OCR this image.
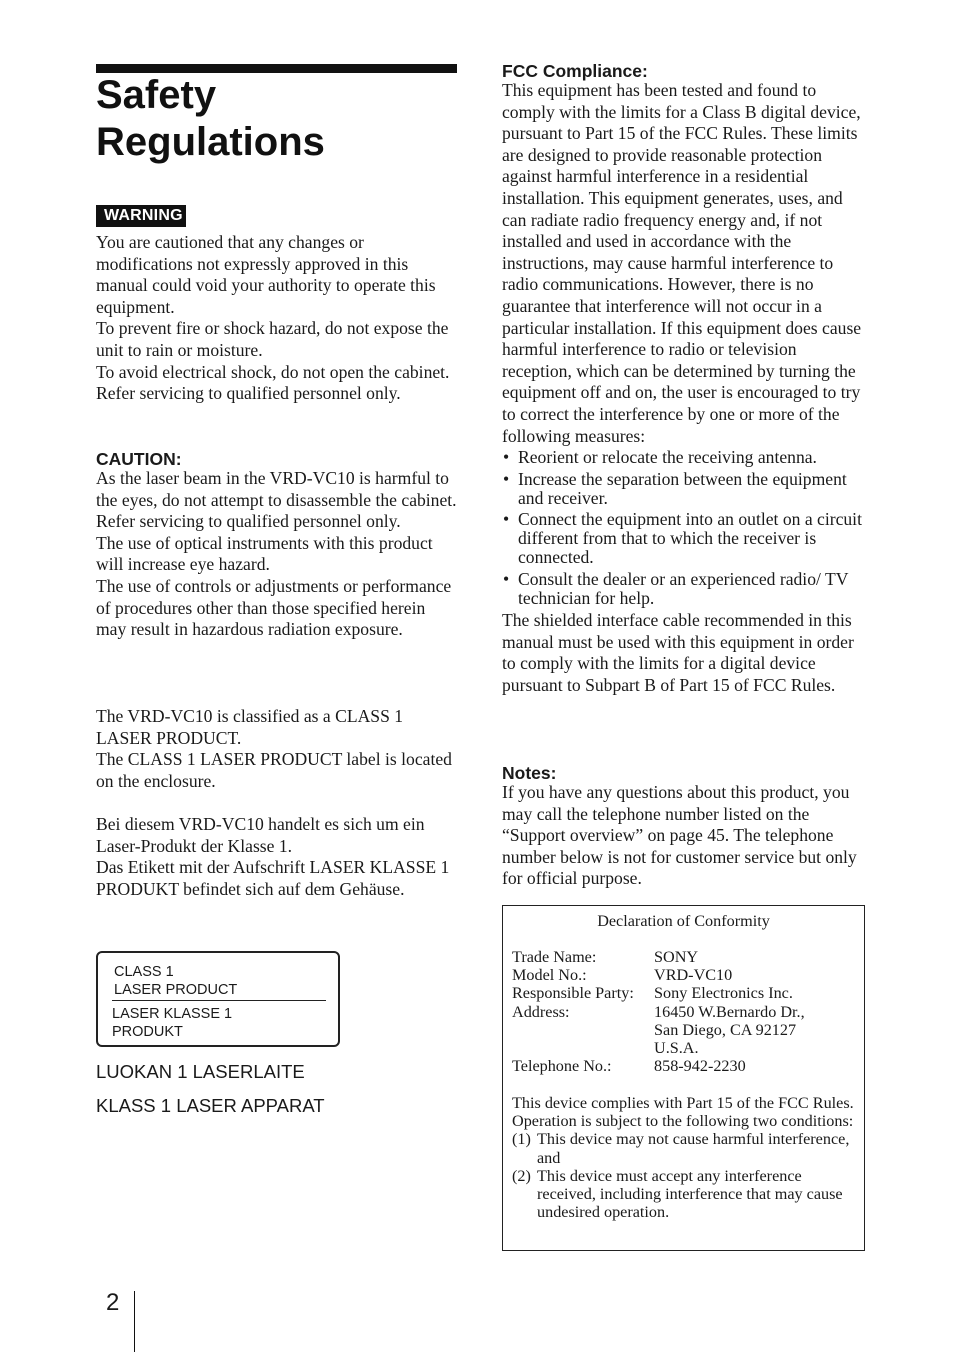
Safety
Regulations
WARNING

You are cautioned that any changes or modifications not expressly approved in this manual could void your authority to operate this equipment.

To prevent fire or shock hazard, do not expose the unit to rain or moisture.

To avoid electrical shock, do not open the cabinet. Refer servicing to qualified personnel only.

CAUTION:

As the laser beam in the VRD-VC10 is harmful to the eyes, do not attempt to disassemble the cabinet. Refer servicing to qualified personnel only.

The use of optical instruments with this product will increase eye hazard.

The use of controls or adjustments or performance of procedures other than those specified herein may result in hazardous radiation exposure.

The VRD-VC10 is classified as a CLASS 1 LASER PRODUCT.

The CLASS 1 LASER PRODUCT label is located on the enclosure.

Bei diesem VRD-VC10 handelt es sich um ein Laser-Produkt der Klasse 1.

Das Etikett mit der Aufschrift LASER KLASSE 1 PRODUKT befindet sich auf dem Gehäuse.

CLASS 1
LASER PRODUCT
LASER KLASSE 1
PRODUKT
LUOKAN 1 LASERLAITE
KLASS 1 LASER APPARAT
FCC Compliance:

This equipment has been tested and found to comply with the limits for a Class B digital device, pursuant to Part 15 of the FCC Rules. These limits are designed to provide reasonable protection against harmful interference in a residential installation. This equipment generates, uses, and can radiate radio frequency energy and, if not installed and used in accordance with the instructions, may cause harmful interference to radio communications. However, there is no guarantee that interference will not occur in a particular installation. If this equipment does cause harmful interference to radio or television reception, which can be determined by turning the equipment off and on, the user is encouraged to try to correct the interference by one or more of the following measures:

• Reorient or relocate the receiving antenna.
• Increase the separation between the equipment and receiver.
• Connect the equipment into an outlet on a circuit different from that to which the receiver is connected.
• Consult the dealer or an experienced radio/ TV technician for help.

The shielded interface cable recommended in this manual must be used with this equipment in order to comply with the limits for a digital device pursuant to Subpart B of Part 15 of FCC Rules.

Notes:

If you have any questions about this product, you may call the telephone number listed on the “Support overview” on page 45. The telephone number below is not for customer service but only for official purpose.

Declaration of Conformity
Trade Name:	SONY
Model No.:	VRD-VC10
Responsible Party:	Sony Electronics Inc.
Address:	16450 W.Bernardo Dr.,
San Diego, CA 92127
U.S.A.
Telephone No.:	858-942-2230

This device complies with Part 15 of the FCC Rules. Operation is subject to the following two conditions:

(1) This device may not cause harmful interference, and
(2) This device must accept any interference received, including interference that may cause undesired operation.
2
